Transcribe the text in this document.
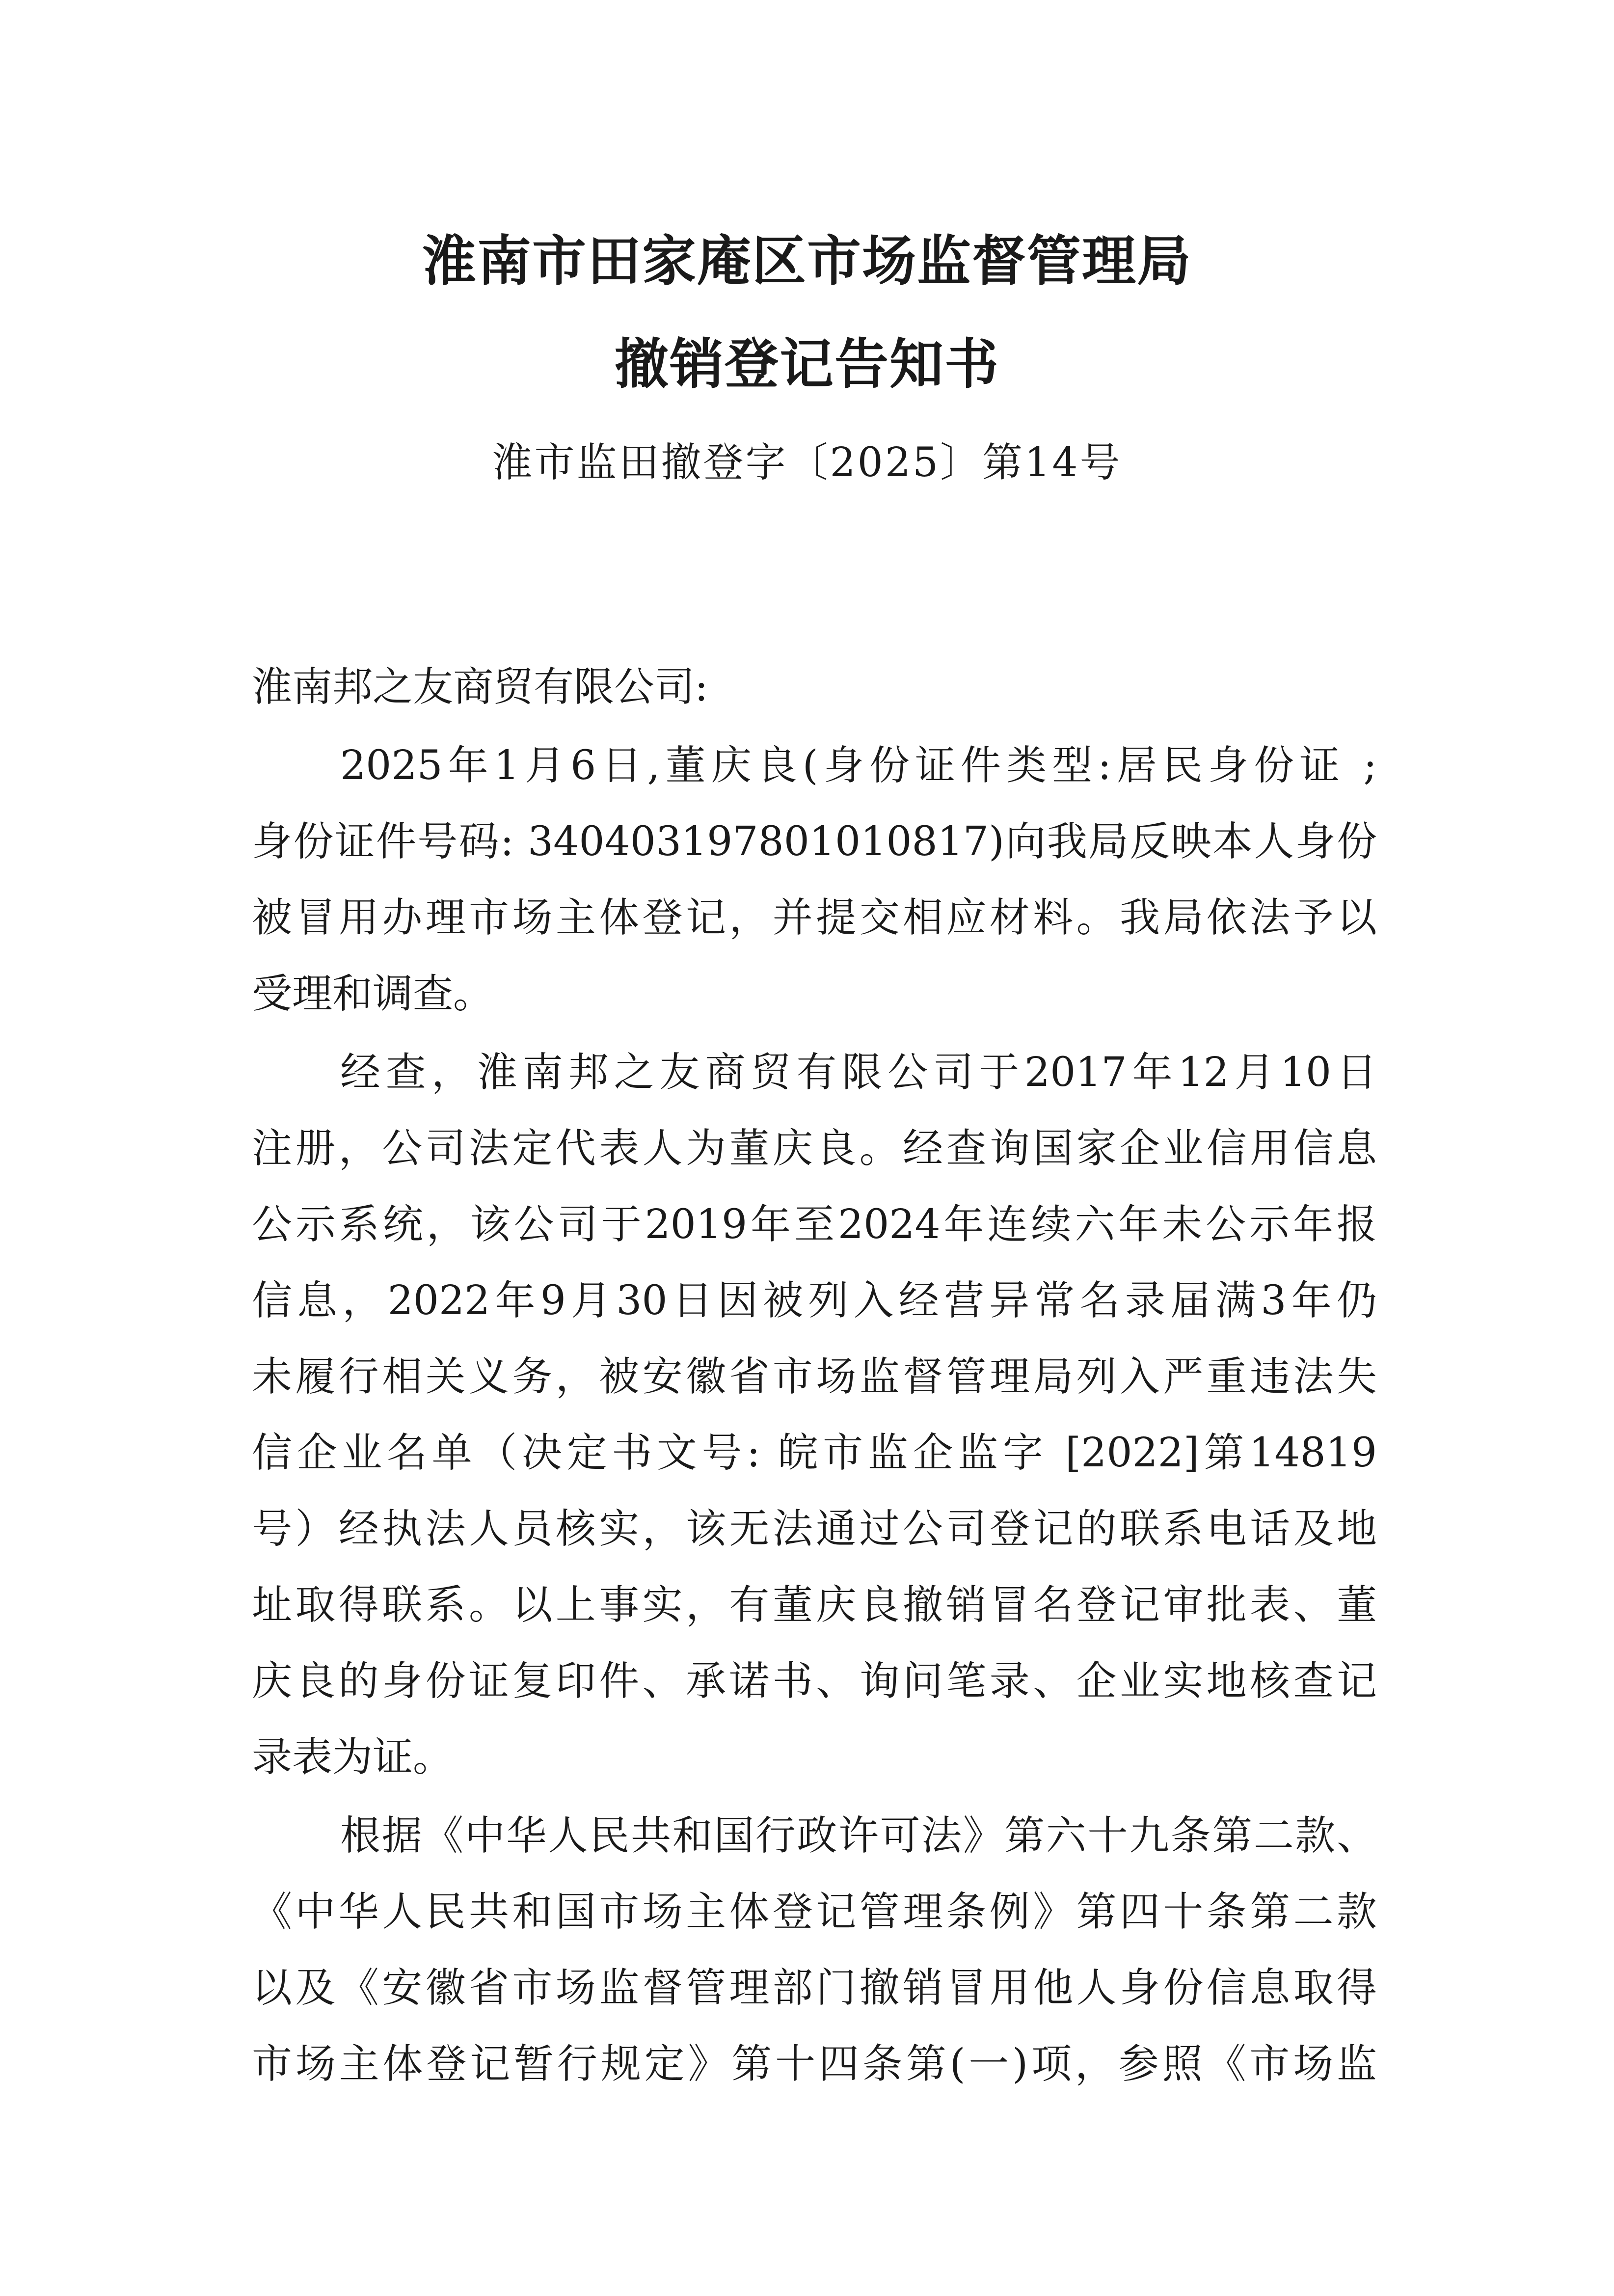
淮南市田家庵区市场监督管理局
撤销登记告知书
淮市监田撤登字〔2025〕第14号
淮南邦之友商贸有限公司:
2025年1月6日,董庆良(身份证件类型:居民身份证 ;
身份证件号码: 340403197801010817)向我局反映本人身份
被冒用办理市场主体登记，并提交相应材料。我局依法予以
受理和调查。
经查，淮南邦之友商贸有限公司于2017年12月10日
注册，公司法定代表人为董庆良。经查询国家企业信用信息
公示系统，该公司于2019年至2024年连续六年未公示年报
信息，2022年9月30日因被列入经营异常名录届满3年仍
未履行相关义务，被安徽省市场监督管理局列入严重违法失
信企业名单（决定书文号: 皖市监企监字 [2022]第14819
号）经执法人员核实，该无法通过公司登记的联系电话及地
址取得联系。以上事实，有董庆良撤销冒名登记审批表、董
庆良的身份证复印件、承诺书、询问笔录、企业实地核查记
录表为证。
根据《中华人民共和国行政许可法》第六十九条第二款、
《中华人民共和国市场主体登记管理条例》第四十条第二款
以及《安徽省市场监督管理部门撤销冒用他人身份信息取得
市场主体登记暂行规定》第十四条第(一)项，参照《市场监
